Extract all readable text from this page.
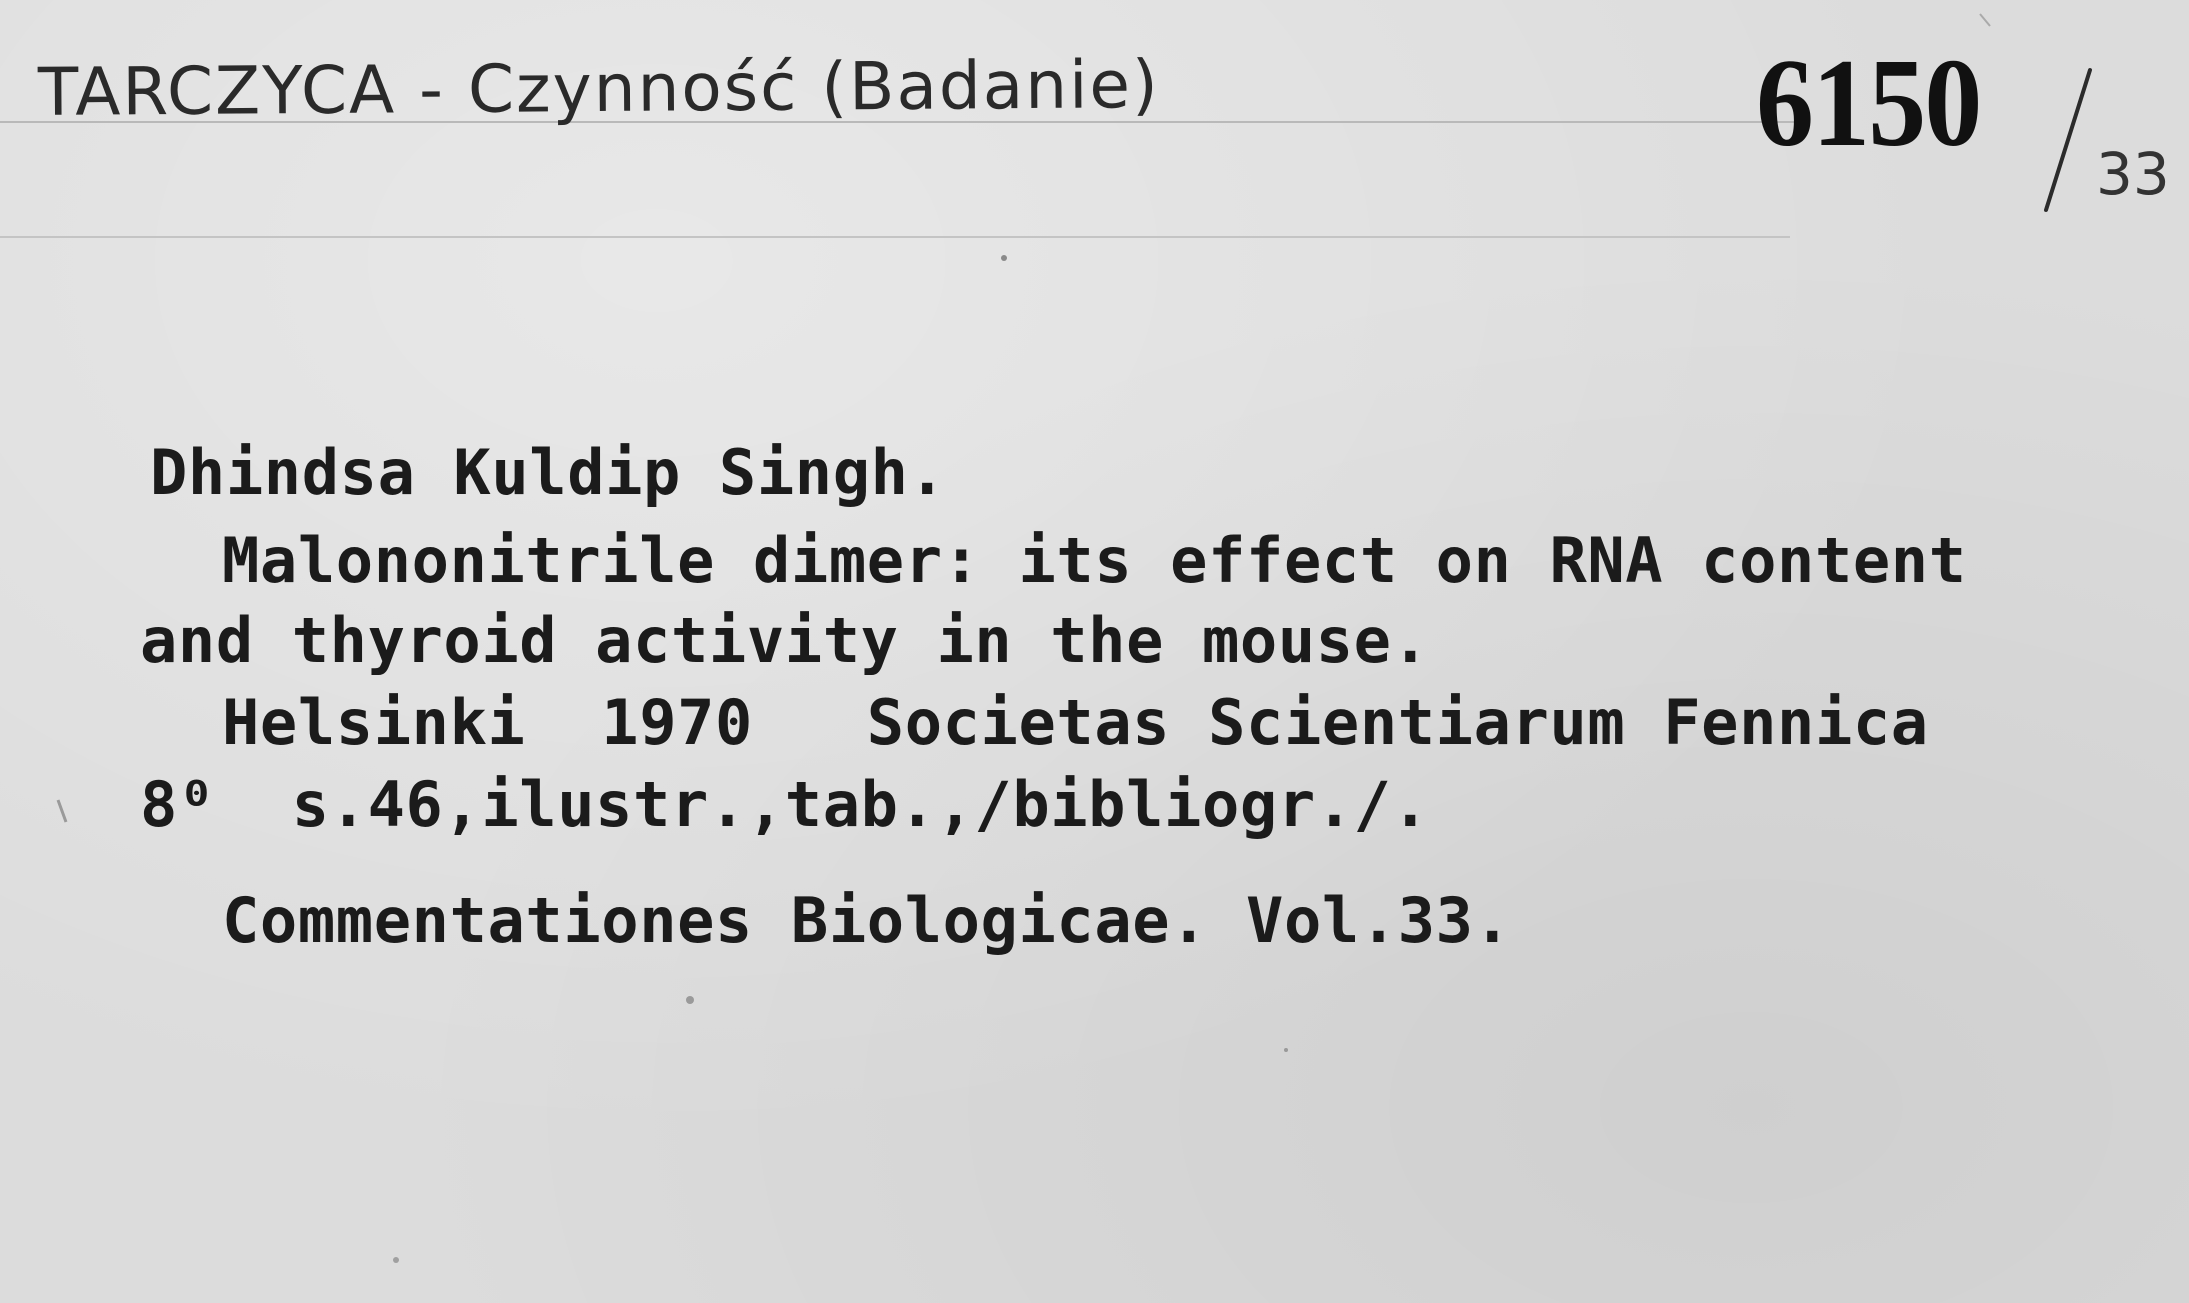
TARCZYCA - Czynność (Badanie)	6150
33
Dhindsa Kuldip Singh.
Malononitrile dimer: its effect on RNA content
and thyroid activity in the mouse.
Helsinki  1970   Societas Scientiarum Fennica
8⁰  s.46,ilustr.,tab.,/bibliogr./.
Commentationes Biologicae. Vol.33.
